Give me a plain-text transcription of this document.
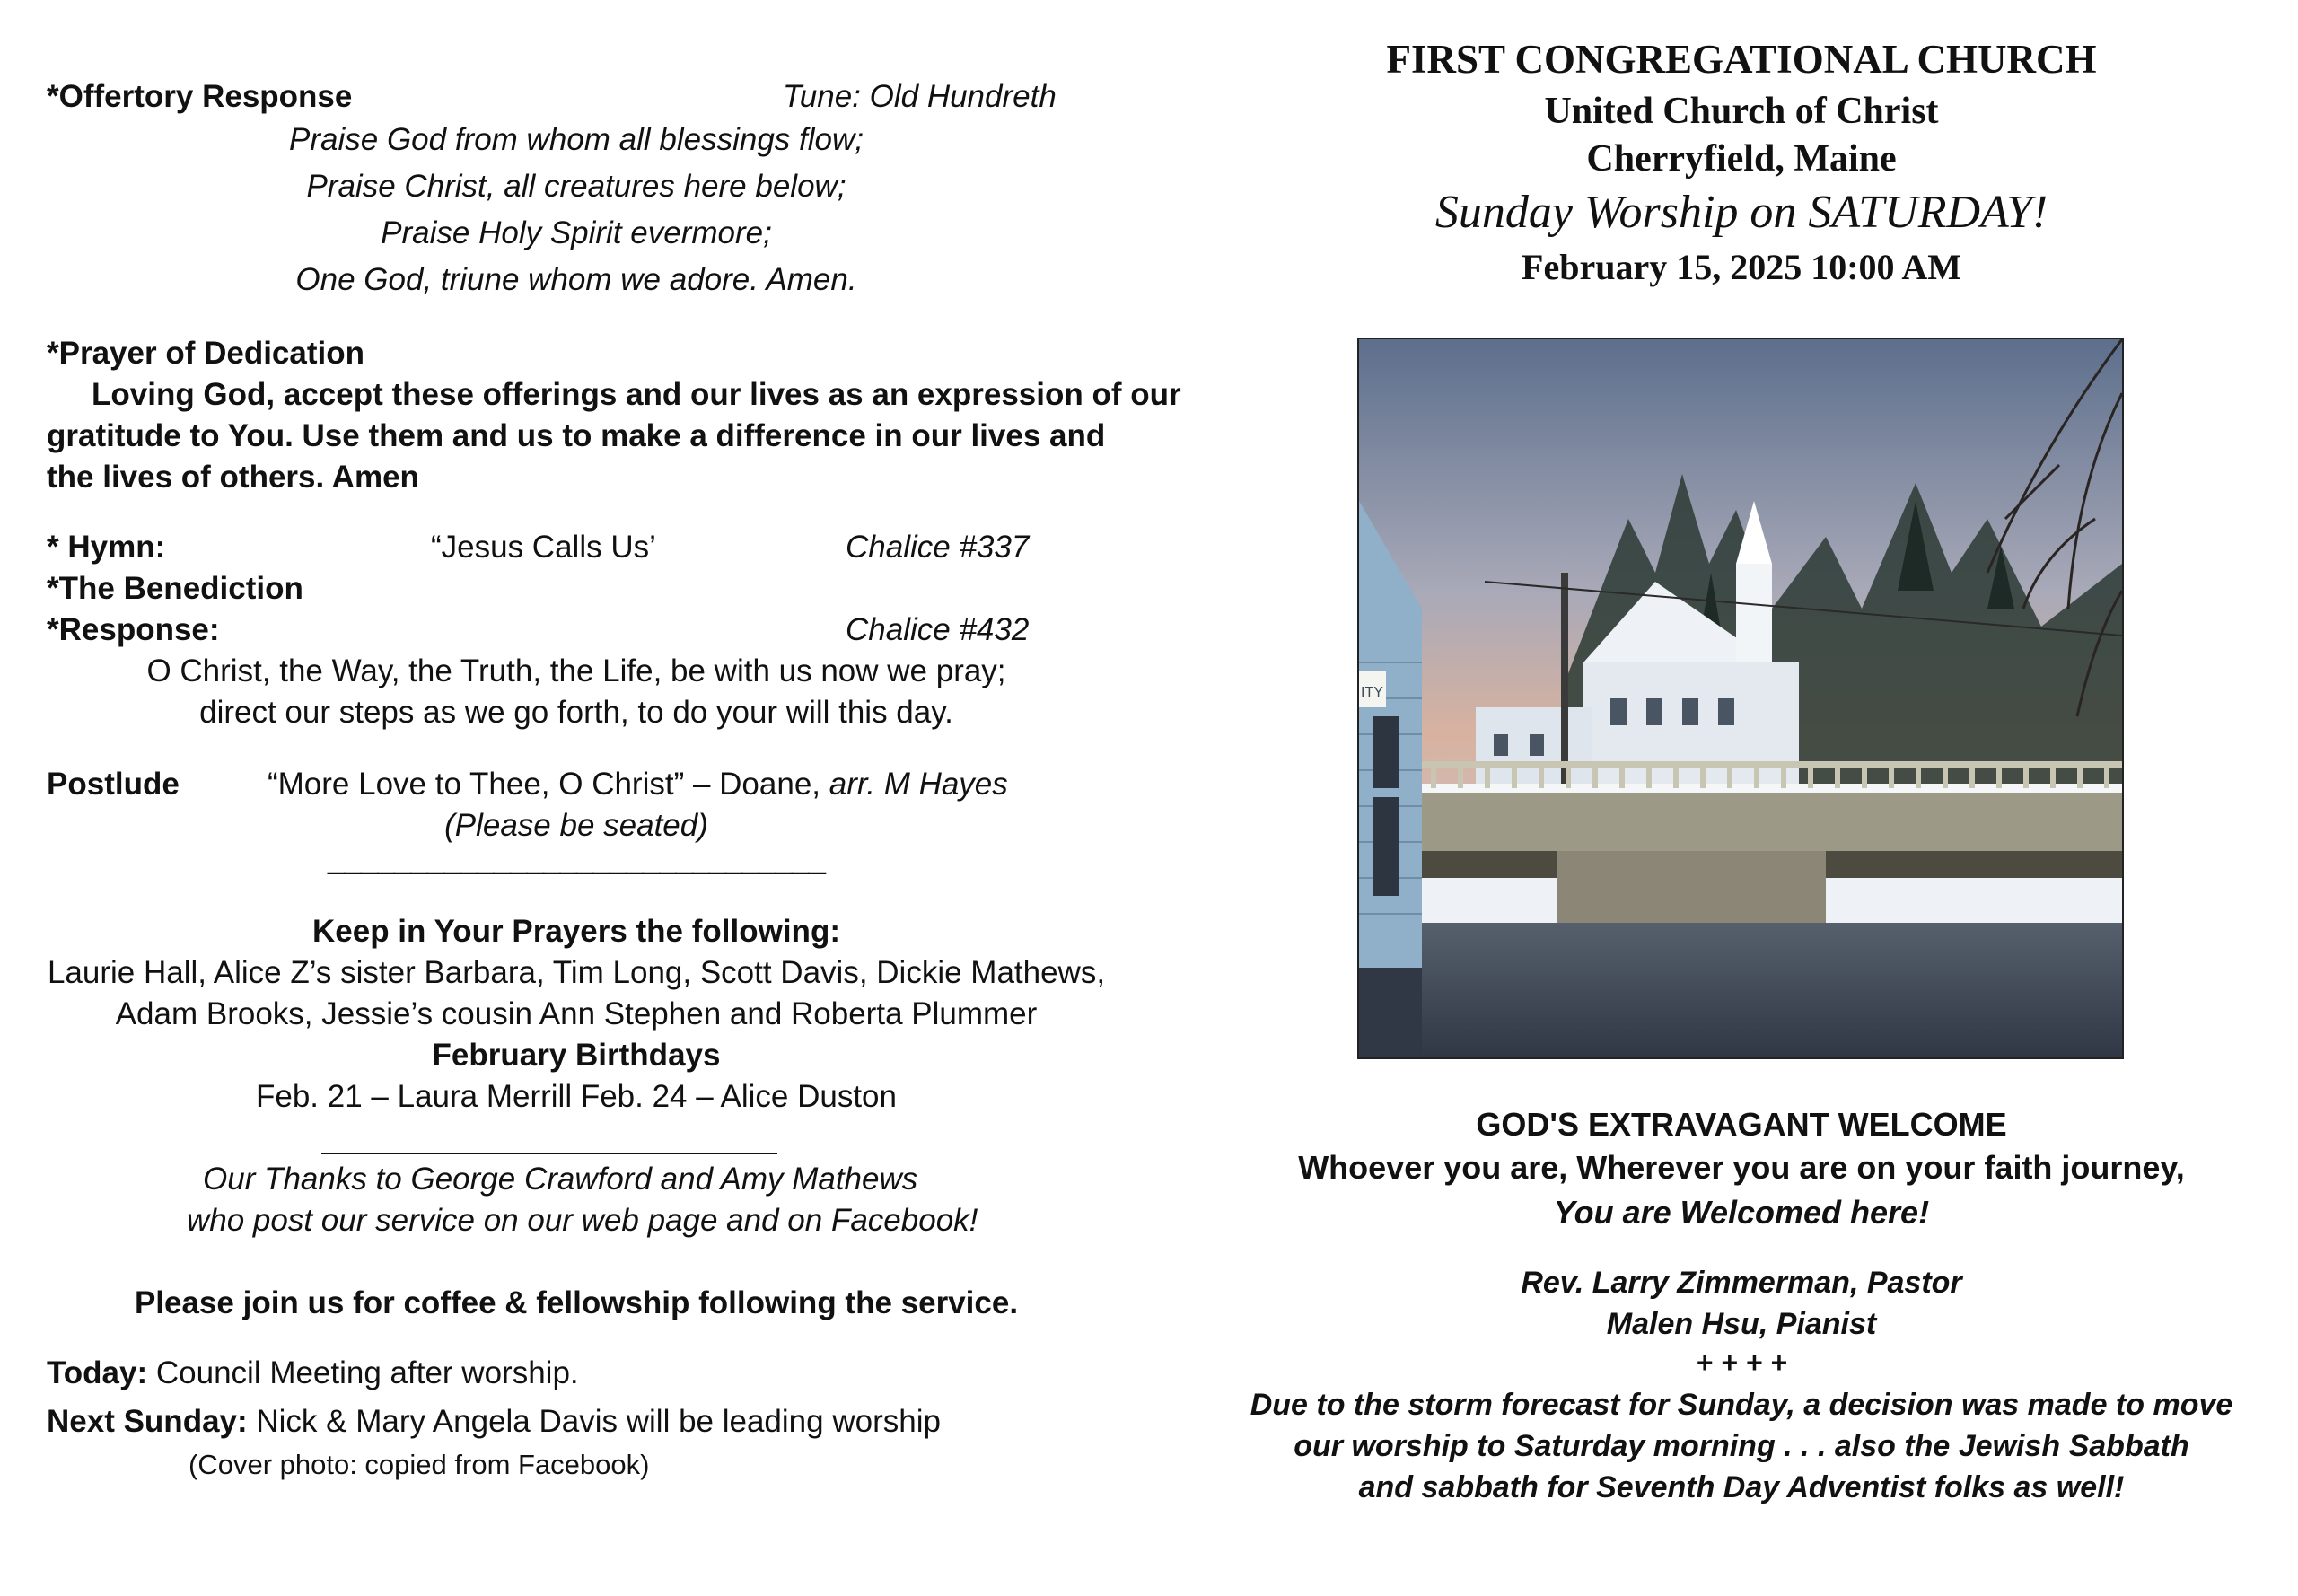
*Offertory Response	Tune: Old Hundreth
Praise God from whom all blessings flow;
Praise Christ, all creatures here below;
Praise Holy Spirit evermore;
One God, triune whom we adore. Amen.
*Prayer of Dedication
Loving God, accept these offerings and our lives as an expression of our
gratitude to You. Use them and us to make a difference in our lives and
the lives of others. Amen
* Hymn:	“Jesus Calls Us’	Chalice #337
*The Benediction
*Response:	Chalice #432
O Christ, the Way, the Truth, the Life, be with us now we pray;
direct our steps as we go forth, to do your will this day.
Postlude	“More Love to Thee, O Christ” – Doane, arr. M Hayes
(Please be seated)
______________________________
Keep in Your Prayers the following:
Laurie Hall, Alice Z’s sister Barbara, Tim Long, Scott Davis, Dickie Mathews,
Adam Brooks, Jessie’s cousin Ann Stephen and Roberta Plummer
February Birthdays
Feb. 21 – Laura Merrill Feb. 24 – Alice Duston
Our Thanks to George Crawford and Amy Mathews
who post our service on our web page and on Facebook!
Please join us for coffee & fellowship following the service.
Today: Council Meeting after worship.
Next Sunday: Nick & Mary Angela Davis will be leading worship
(Cover photo: copied from Facebook)
FIRST CONGREGATIONAL CHURCH
United Church of Christ
Cherryfield, Maine
Sunday Worship on SATURDAY!
February 15, 2025 10:00 AM
ITY
GOD'S EXTRAVAGANT WELCOME
Whoever you are, Wherever you are on your faith journey,
You are Welcomed here!
Rev. Larry Zimmerman, Pastor
Malen Hsu, Pianist
+ + + +
Due to the storm forecast for Sunday, a decision was made to move
our worship to Saturday morning . . . also the Jewish Sabbath
and sabbath for Seventh Day Adventist folks as well!
